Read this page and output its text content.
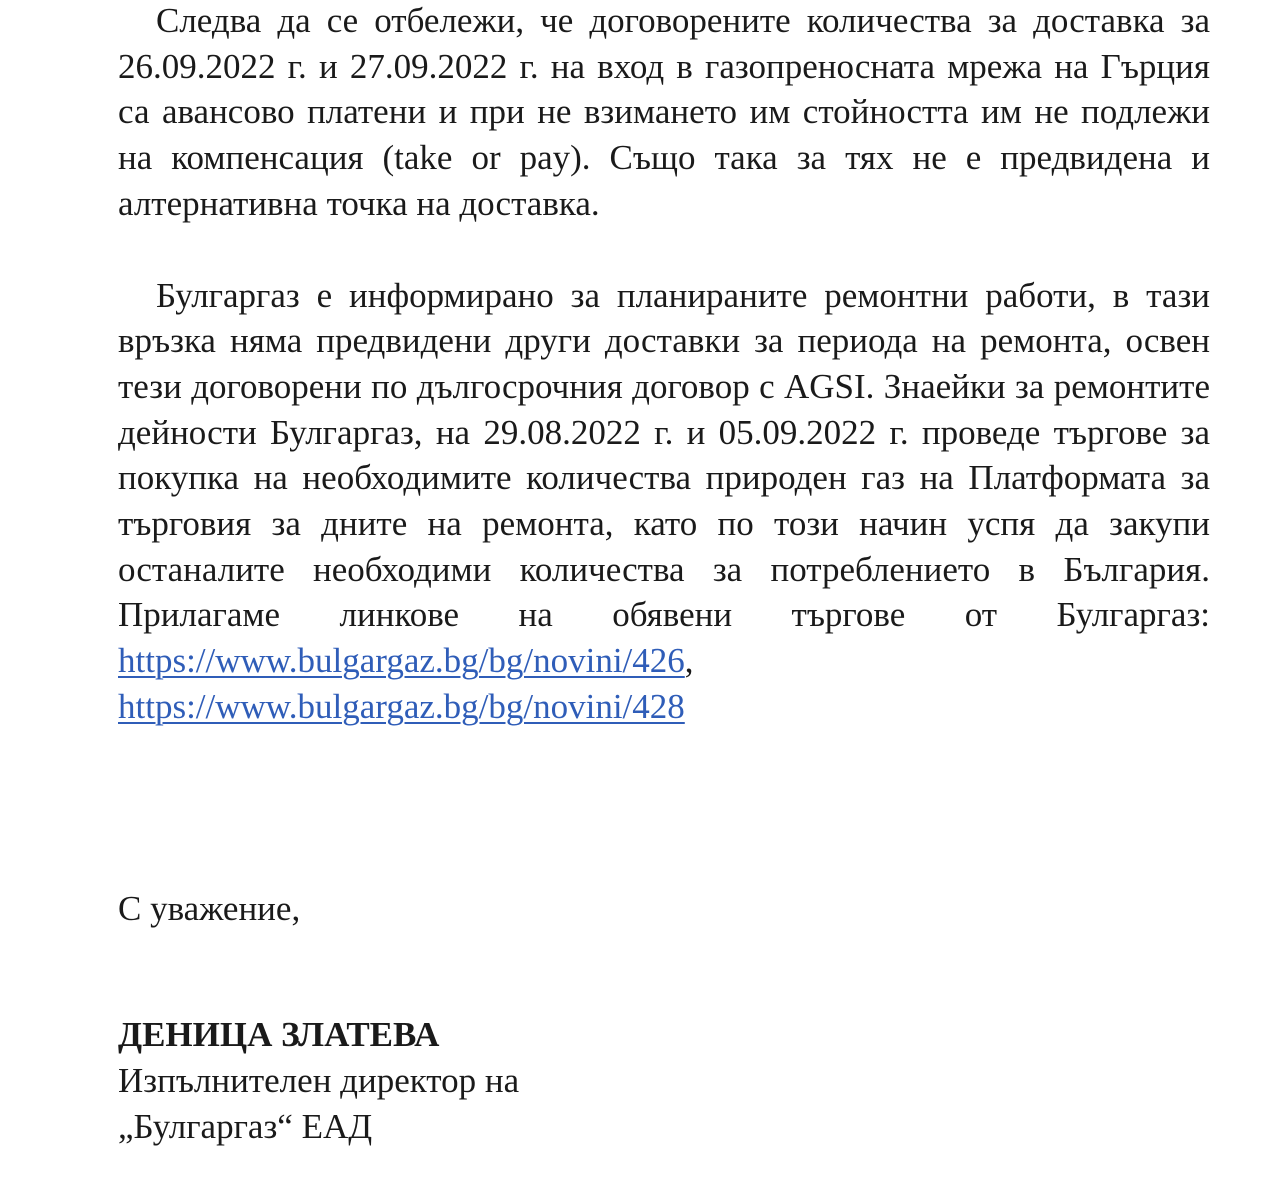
Следва да се отбележи, че договорените количества за доставка за 26.09.2022 г. и 27.09.2022 г. на вход в газопреносната мрежа на Гърция са авансово платени и при не взимането им стойността им не подлежи на компенсация (take or pay). Също така за тях не е предвидена и алтернативна точка на доставка.

Булгаргаз е информирано за планираните ремонтни работи, в тази връзка няма предвидени други доставки за периода на ремонта, освен тези договорени по дългосрочния договор с AGSI. Знаейки за ремонтите дейности Булгаргаз, на 29.08.2022 г. и 05.09.2022 г. проведе търгове за покупка на необходимите количества природен газ на Платформата за търговия за дните на ремонта, като по този начин успя да закупи останалите необходими количества за потреблението в България. Прилагаме линкове на обявени търгове от Булгаргаз: https://www.bulgargaz.bg/bg/novini/426, https://www.bulgargaz.bg/bg/novini/428

С уважение,

ДЕНИЦА ЗЛАТЕВА

Изпълнителен директор на

„Булгаргаз“ ЕАД
